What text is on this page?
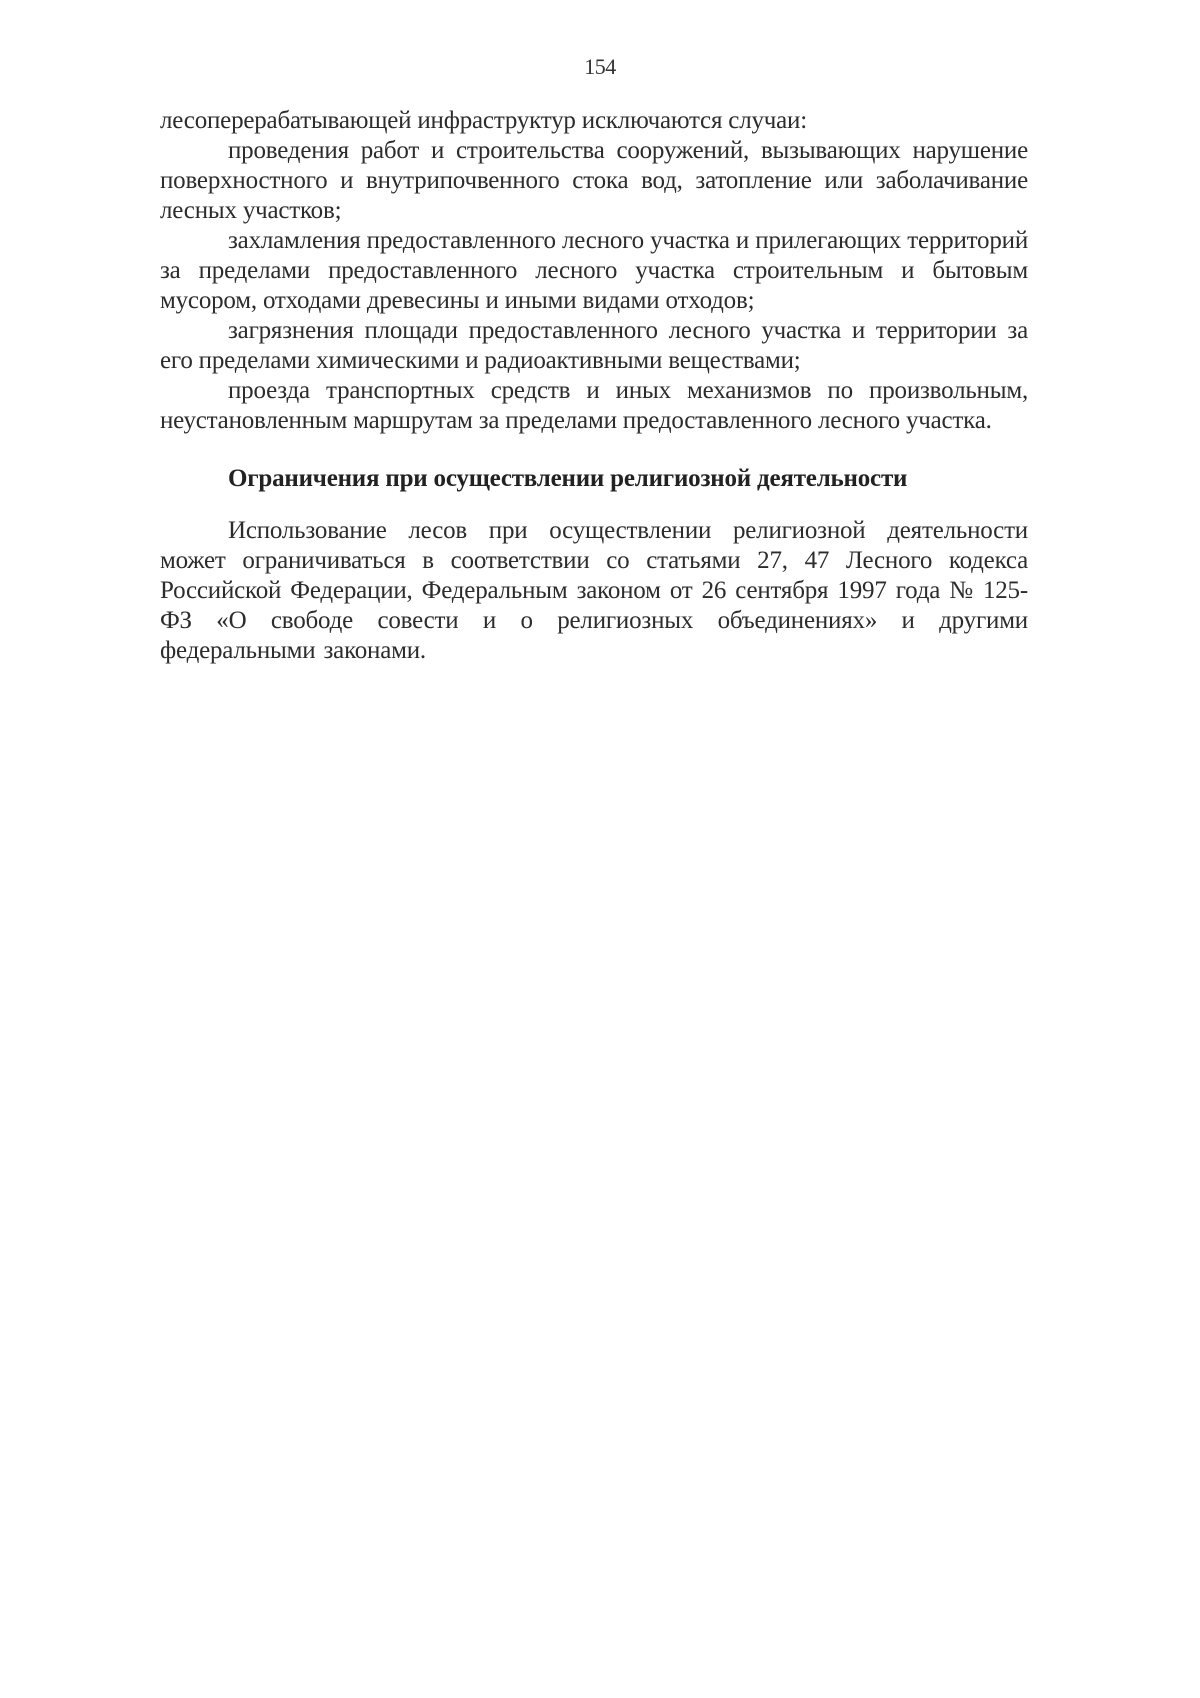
154

лесоперерабатывающей инфраструктур исключаются случаи:

проведения работ и строительства сооружений, вызывающих нарушение поверхностного и внутрипочвенного стока вод, затопление или заболачивание лесных участков;

захламления предоставленного лесного участка и прилегающих территорий за пределами предоставленного лесного участка строительным и бытовым мусором, отходами древесины и иными видами отходов;

загрязнения площади предоставленного лесного участка и территории за его пределами химическими и радиоактивными веществами;

проезда транспортных средств и иных механизмов по произвольным, неустановленным маршрутам за пределами предоставленного лесного участка.

Ограничения при осуществлении религиозной деятельности

Использование лесов при осуществлении религиозной деятельности может ограничиваться в соответствии со статьями 27, 47 Лесного кодекса Российской Федерации, Федеральным законом от 26 сентября 1997 года № 125-ФЗ «О свободе совести и о религиозных объединениях» и другими федеральными законами.
